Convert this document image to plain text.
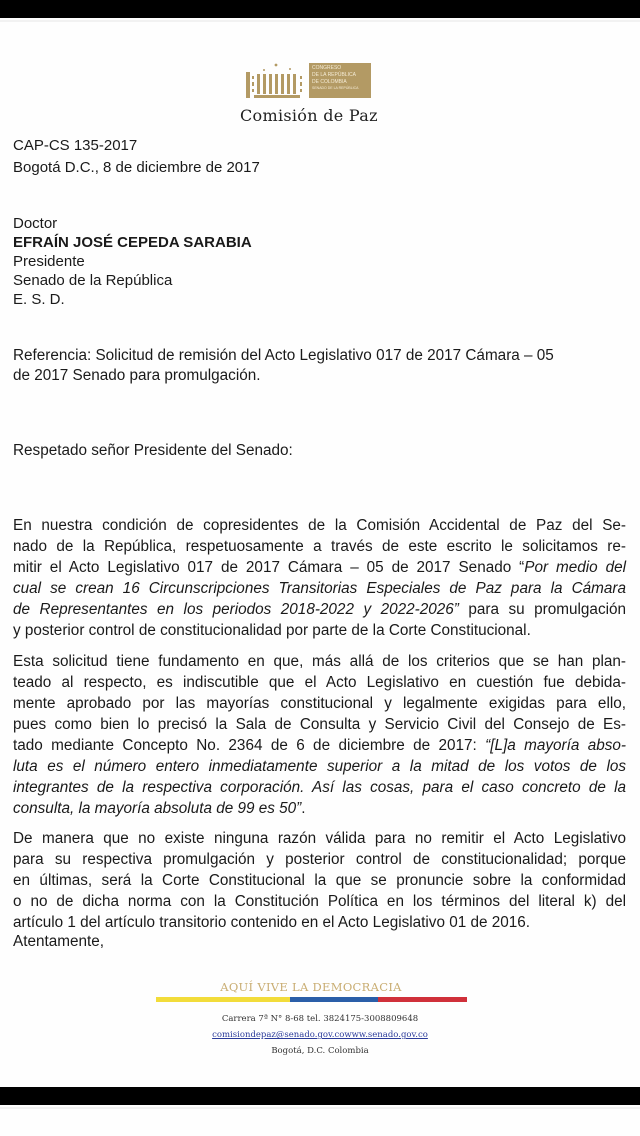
CONGRESO
DE LA REPÚBLICA
DE COLOMBIA
SENADO DE LA REPÚBLICA
Comisión de Paz
CAP-CS 135-2017
Bogotá D.C., 8 de diciembre de 2017
Doctor
EFRAÍN JOSÉ CEPEDA SARABIA
Presidente
Senado de la República
E. S. D.
Referencia: Solicitud de remisión del Acto Legislativo 017 de 2017 Cámara – 05
de 2017 Senado para promulgación.
Respetado señor Presidente del Senado:
En nuestra condición de copresidentes de la Comisión Accidental de Paz del Se-
nado de la República, respetuosamente a través de este escrito le solicitamos re-
mitir el Acto Legislativo 017 de 2017 Cámara – 05 de 2017 Senado “Por medio del
cual se crean 16 Circunscripciones Transitorias Especiales de Paz para la Cámara
de Representantes en los periodos 2018-2022 y 2022-2026” para su promulgación
y posterior control de constitucionalidad por parte de la Corte Constitucional.
Esta solicitud tiene fundamento en que, más allá de los criterios que se han plan-
teado al respecto, es indiscutible que el Acto Legislativo en cuestión fue debida-
mente aprobado por las mayorías constitucional y legalmente exigidas para ello,
pues como bien lo precisó la Sala de Consulta y Servicio Civil del Consejo de Es-
tado mediante Concepto No. 2364 de 6 de diciembre de 2017: “[L]a mayoría abso-
luta es el número entero inmediatamente superior a la mitad de los votos de los
integrantes de la respectiva corporación. Así las cosas, para el caso concreto de la
consulta, la mayoría absoluta de 99 es 50”.
De manera que no existe ninguna razón válida para no remitir el Acto Legislativo
para su respectiva promulgación y posterior control de constitucionalidad; porque
en últimas, será la Corte Constitucional la que se pronuncie sobre la conformidad
o no de dicha norma con la Constitución Política en los términos del literal k) del
artículo 1 del artículo transitorio contenido en el Acto Legislativo 01 de 2016.
Atentamente,
AQUÍ VIVE LA DEMOCRACIA
Carrera 7ª N° 8-68 tel. 3824175-3008809648
comisiondepaz@senado.gov.cowww.senado.gov.co
Bogotá, D.C. Colombia
